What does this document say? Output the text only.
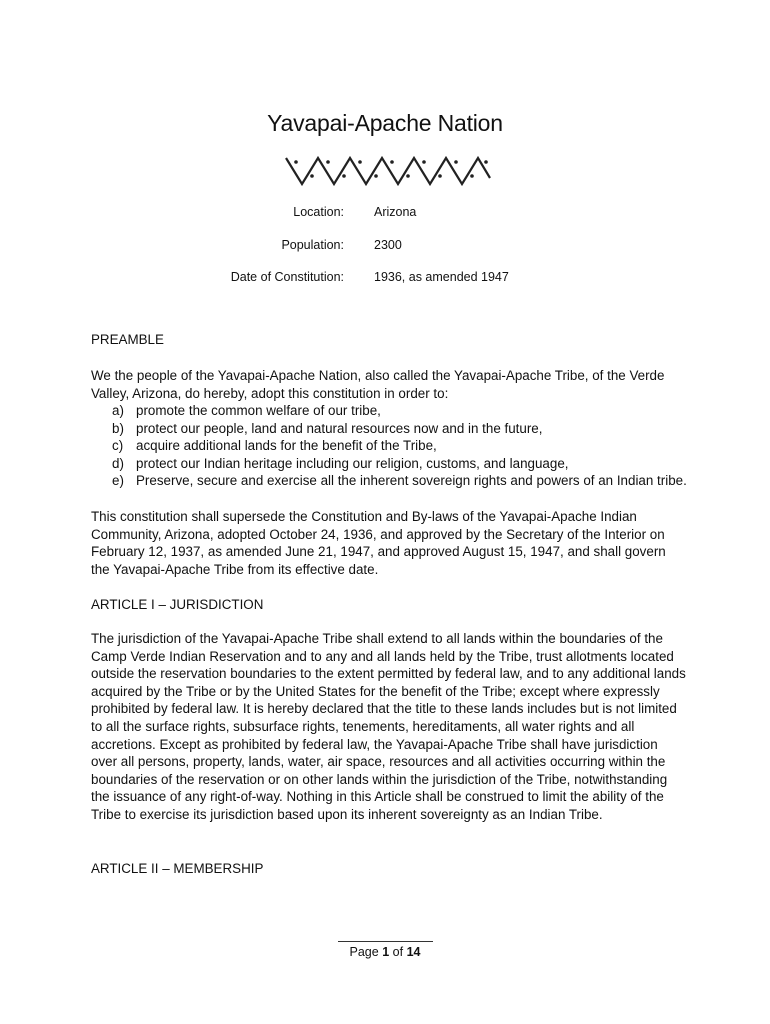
Yavapai-Apache Nation
Location: Arizona
Population: 2300
Date of Constitution: 1936, as amended 1947
PREAMBLE
We the people of the Yavapai-Apache Nation, also called the Yavapai-Apache Tribe, of the Verde Valley, Arizona, do hereby, adopt this constitution in order to:
a) promote the common welfare of our tribe,
b) protect our people, land and natural resources now and in the future,
c) acquire additional lands for the benefit of the Tribe,
d) protect our Indian heritage including our religion, customs, and language,
e) Preserve, secure and exercise all the inherent sovereign rights and powers of an Indian tribe.
This constitution shall supersede the Constitution and By-laws of the Yavapai-Apache Indian Community, Arizona, adopted October 24, 1936, and approved by the Secretary of the Interior on February 12, 1937, as amended June 21, 1947, and approved August 15, 1947, and shall govern the Yavapai-Apache Tribe from its effective date.
ARTICLE I – JURISDICTION
The jurisdiction of the Yavapai-Apache Tribe shall extend to all lands within the boundaries of the Camp Verde Indian Reservation and to any and all lands held by the Tribe, trust allotments located outside the reservation boundaries to the extent permitted by federal law, and to any additional lands acquired by the Tribe or by the United States for the benefit of the Tribe; except where expressly prohibited by federal law. It is hereby declared that the title to these lands includes but is not limited to all the surface rights, subsurface rights, tenements, hereditaments, all water rights and all accretions. Except as prohibited by federal law, the Yavapai-Apache Tribe shall have jurisdiction over all persons, property, lands, water, air space, resources and all activities occurring within the boundaries of the reservation or on other lands within the jurisdiction of the Tribe, notwithstanding the issuance of any right-of-way. Nothing in this Article shall be construed to limit the ability of the Tribe to exercise its jurisdiction based upon its inherent sovereignty as an Indian Tribe.
ARTICLE II – MEMBERSHIP
Page 1 of 14
